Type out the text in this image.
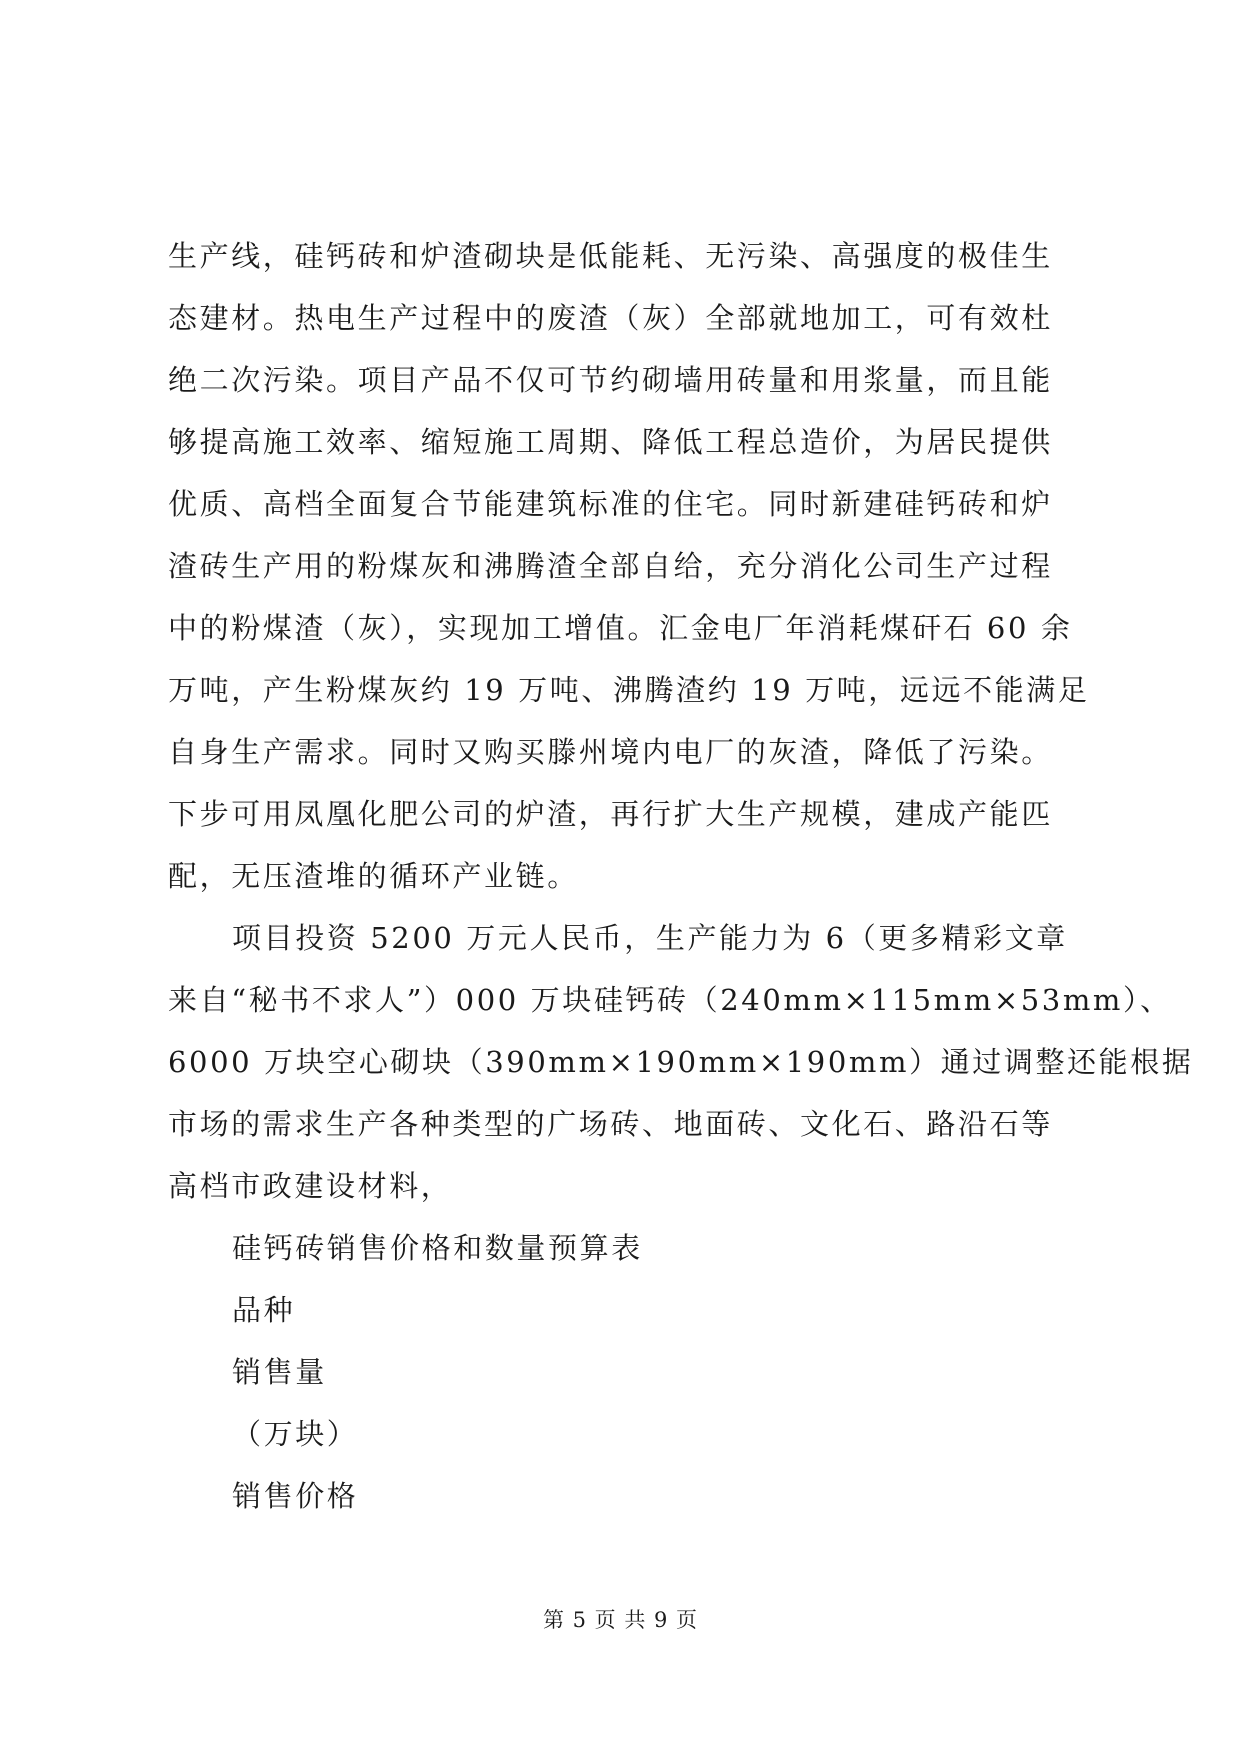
生产线，硅钙砖和炉渣砌块是低能耗、无污染、高强度的极佳生
态建材。热电生产过程中的废渣（灰）全部就地加工，可有效杜
绝二次污染。项目产品不仅可节约砌墙用砖量和用浆量，而且能
够提高施工效率、缩短施工周期、降低工程总造价，为居民提供
优质、高档全面复合节能建筑标准的住宅。同时新建硅钙砖和炉
渣砖生产用的粉煤灰和沸腾渣全部自给，充分消化公司生产过程
中的粉煤渣（灰），实现加工增值。汇金电厂年消耗煤矸石 60 余
万吨，产生粉煤灰约 19 万吨、沸腾渣约 19 万吨，远远不能满足
自身生产需求。同时又购买滕州境内电厂的灰渣，降低了污染。
下步可用凤凰化肥公司的炉渣，再行扩大生产规模，建成产能匹
配，无压渣堆的循环产业链。
项目投资 5200 万元人民币，生产能力为 6（更多精彩文章
来自“秘书不求人”）000 万块硅钙砖（240mm×115mm×53mm）、
6000 万块空心砌块（390mm×190mm×190mm）通过调整还能根据
市场的需求生产各种类型的广场砖、地面砖、文化石、路沿石等
高档市政建设材料，
硅钙砖销售价格和数量预算表
品种
销售量
（万块）
销售价格
第 5 页 共 9 页
